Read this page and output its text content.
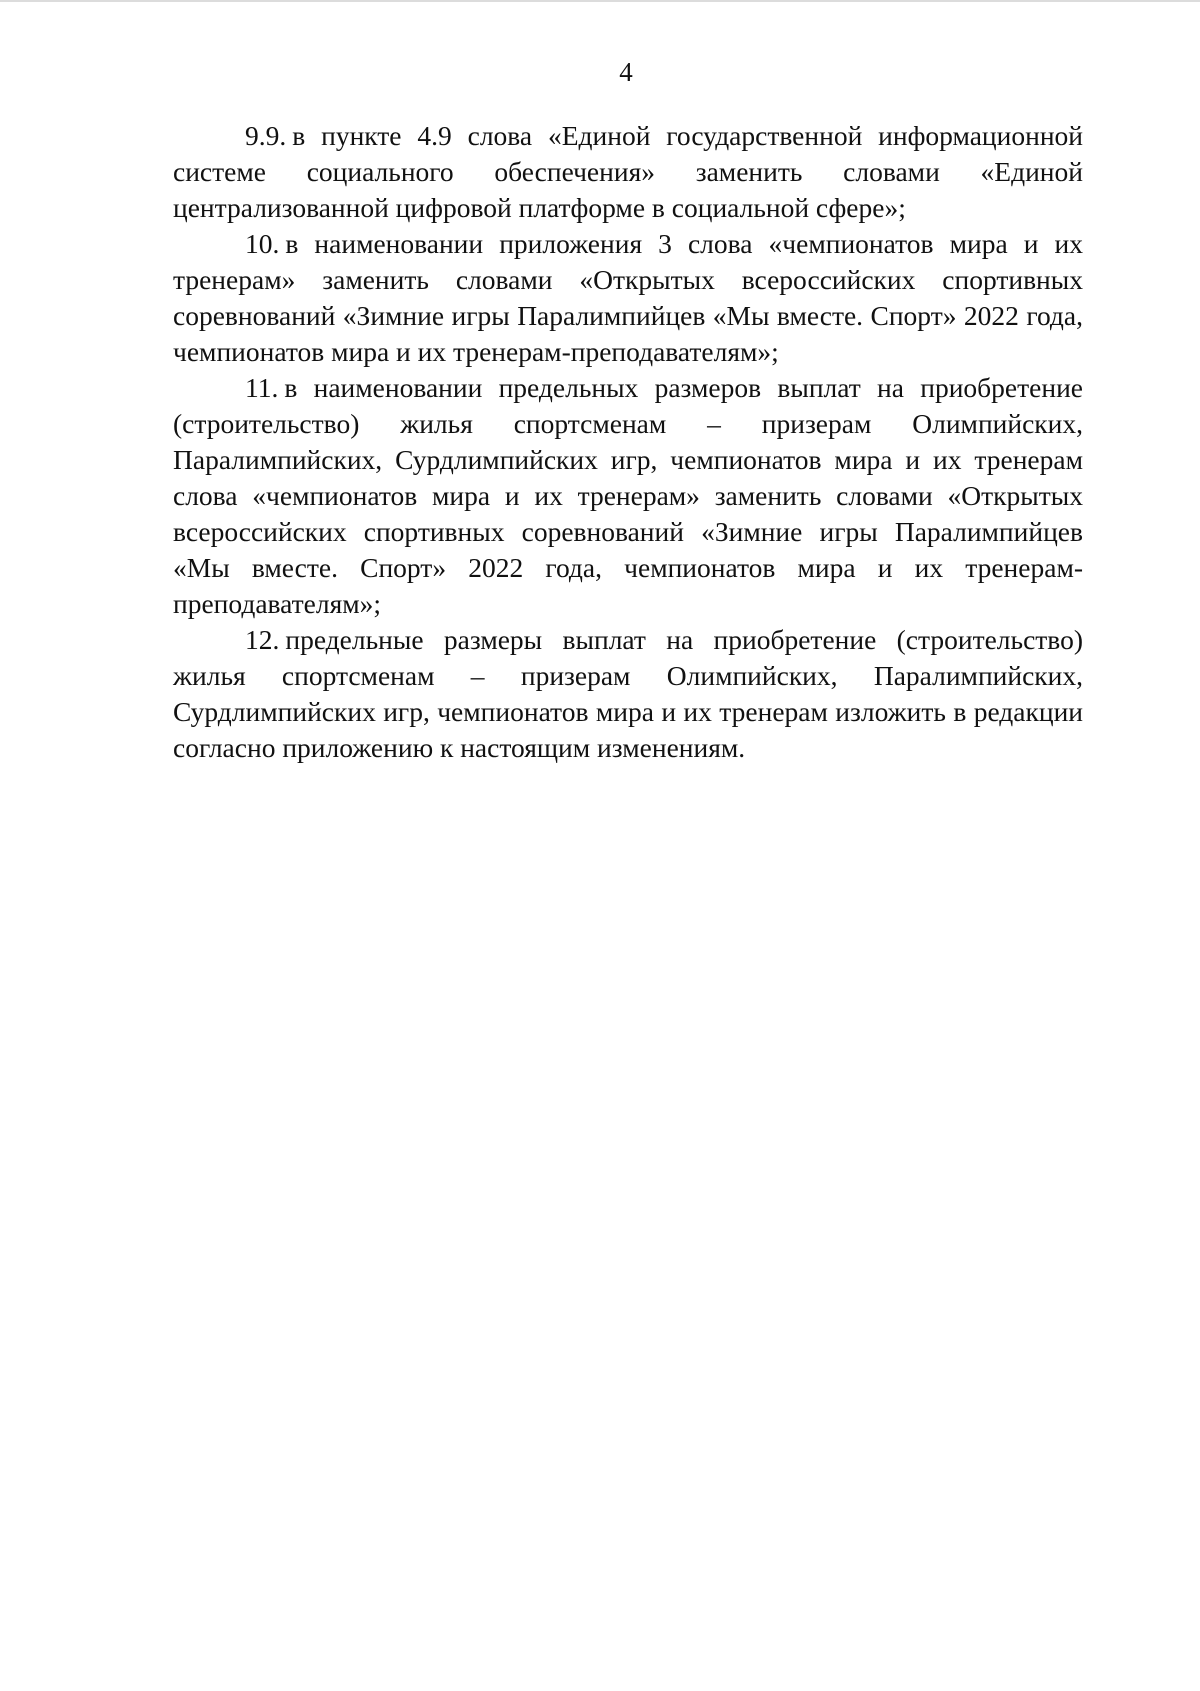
4

9.9. в пункте 4.9 слова «Единой государственной информационной системе социального обеспечения» заменить словами «Единой централизованной цифровой платформе в социальной сфере»;

10. в наименовании приложения 3 слова «чемпионатов мира и их тренерам» заменить словами «Открытых всероссийских спортивных соревнований «Зимние игры Паралимпийцев «Мы вместе. Спорт» 2022 года, чемпионатов мира и их тренерам-преподавателям»;

11. в наименовании предельных размеров выплат на приобретение (строительство) жилья спортсменам – призерам Олимпийских, Паралимпийских, Сурдлимпийских игр, чемпионатов мира и их тренерам слова «чемпионатов мира и их тренерам» заменить словами «Открытых всероссийских спортивных соревнований «Зимние игры Паралимпийцев «Мы вместе. Спорт» 2022 года, чемпионатов мира и их тренерам-преподавателям»;

12. предельные размеры выплат на приобретение (строительство) жилья спортсменам – призерам Олимпийских, Паралимпийских, Сурдлимпийских игр, чемпионатов мира и их тренерам изложить в редакции согласно приложению к настоящим изменениям.
